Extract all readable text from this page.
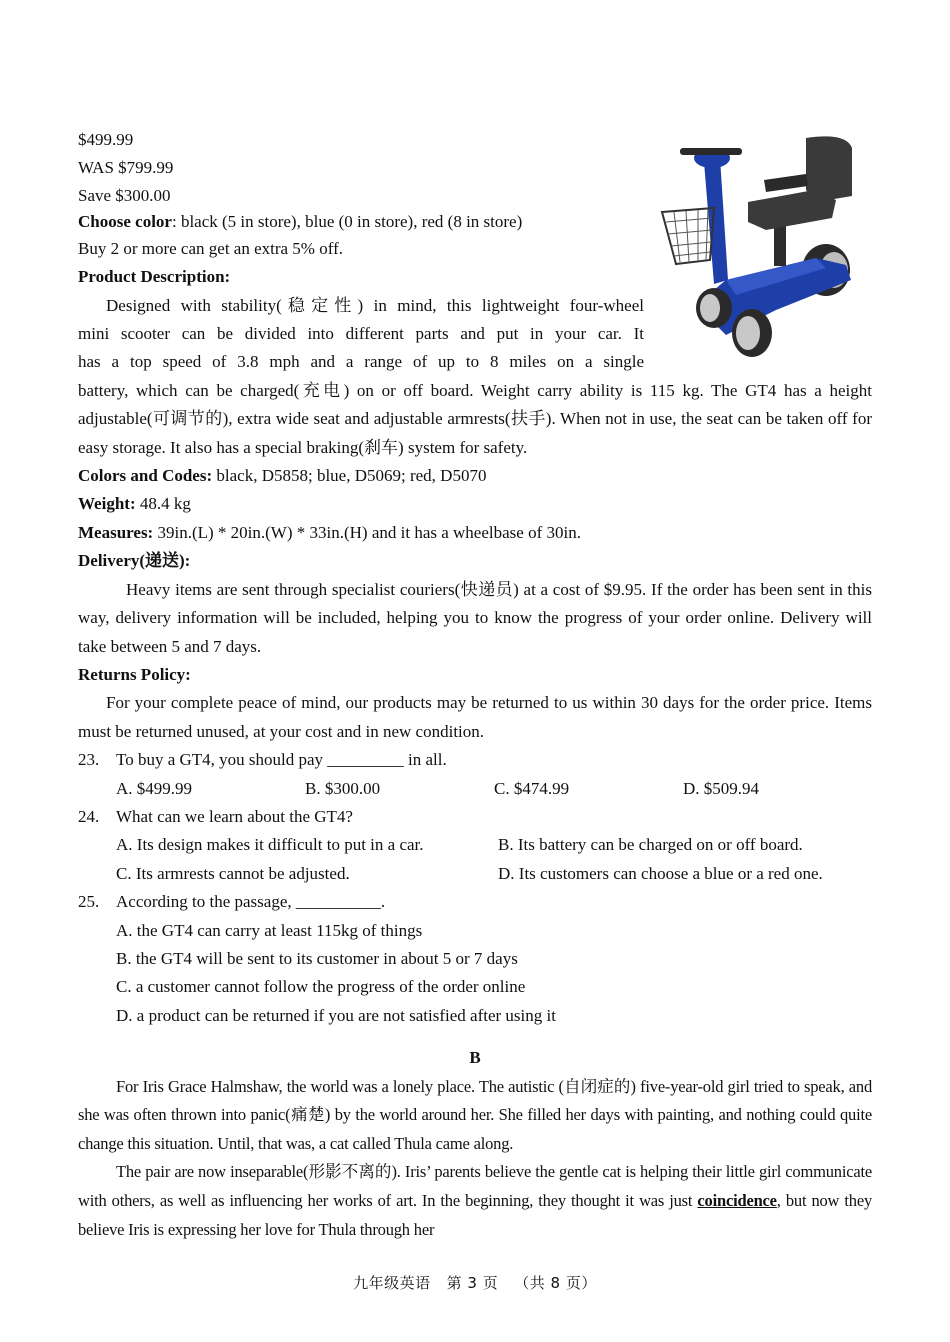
$499.99

WAS $799.99

Save $300.00

Choose color: black (5 in store), blue (0 in store), red (8 in store)

Buy 2 or more can get an extra 5% off.

Product Description:

Designed with stability(稳定性) in mind, this lightweight four-wheel

mini scooter can be divided into different parts and put in your car. It

has a top speed of 3.8 mph and a range of up to 8 miles on a single

battery, which can be charged(充电) on or off board. Weight carry ability is 115 kg. The GT4 has a height adjustable(可调节的), extra wide seat and adjustable armrests(扶手). When not in use, the seat can be taken off for easy storage. It also has a special braking(刹车) system for safety.

Colors and Codes: black, D5858; blue, D5069; red, D5070

Weight: 48.4 kg

Measures: 39in.(L) * 20in.(W) * 33in.(H) and it has a wheelbase of 30in.

Delivery(递送):

Heavy items are sent through specialist couriers(快递员) at a cost of $9.95. If the order has been sent in this way, delivery information will be included, helping you to know the progress of your order online. Delivery will take between 5 and 7 days.

Returns Policy:

For your complete peace of mind, our products may be returned to us within 30 days for the order price. Items must be returned unused, at your cost and in new condition.

23. To buy a GT4, you should pay _________ in all.

A. $499.99	B. $300.00	C. $474.99	D. $509.94

24. What can we learn about the GT4?

A. Its design makes it difficult to put in a car.	B. Its battery can be charged on or off board.
C. Its armrests cannot be adjusted.	D. Its customers can choose a blue or a red one.

25. According to the passage, __________.

A. the GT4 can carry at least 115kg of things

B. the GT4 will be sent to its customer in about 5 or 7 days

C. a customer cannot follow the progress of the order online

D. a product can be returned if you are not satisfied after using it

B

For Iris Grace Halmshaw, the world was a lonely place. The autistic (自闭症的) five-year-old girl tried to speak, and she was often thrown into panic(痛楚) by the world around her. She filled her days with painting, and nothing could quite change this situation. Until, that was, a cat called Thula came along.

The pair are now inseparable(形影不离的). Iris’ parents believe the gentle cat is helping their little girl communicate with others, as well as influencing her works of art. In the beginning, they thought it was just coincidence, but now they believe Iris is expressing her love for Thula through her

九年级英语 第 3 页 （共 8 页）
